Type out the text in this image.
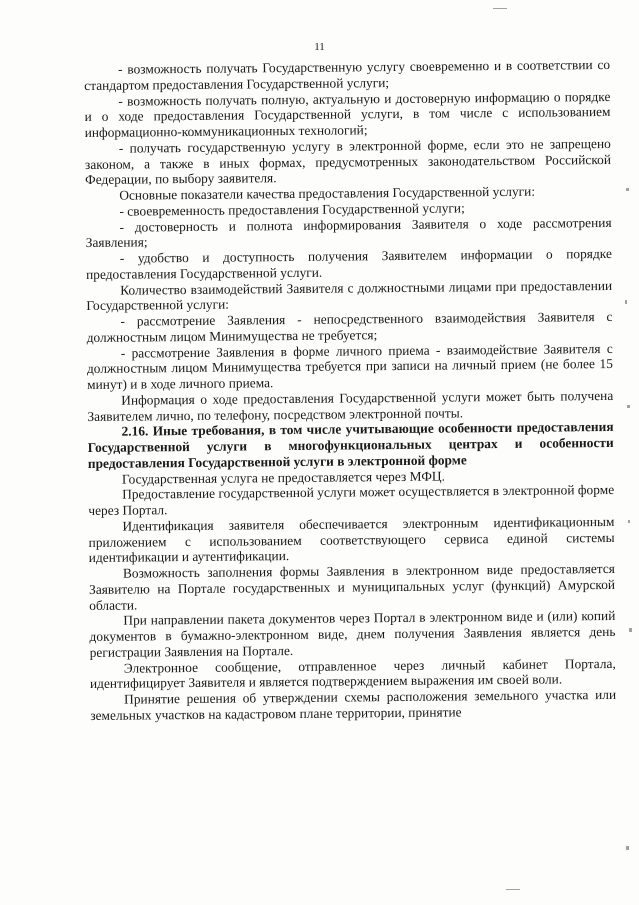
11

- возможность получать Государственную услугу своевременно и в соответствии со стандартом предоставления Государственной услуги;

- возможность получать полную, актуальную и достоверную информацию о порядке и о ходе предоставления Государственной услуги, в том числе с использованием информационно-коммуникационных технологий;

- получать государственную услугу в электронной форме, если это не запрещено законом, а также в иных формах, предусмотренных законодательством Российской Федерации, по выбору заявителя.

Основные показатели качества предоставления Государственной услуги:

- своевременность предоставления Государственной услуги;

- достоверность и полнота информирования Заявителя о ходе рассмотрения Заявления;

- удобство и доступность получения Заявителем информации о порядке предоставления Государственной услуги.

Количество взаимодействий Заявителя с должностными лицами при предоставлении Государственной услуги:

- рассмотрение Заявления - непосредственного взаимодействия Заявителя с должностным лицом Минимущества не требуется;

- рассмотрение Заявления в форме личного приема - взаимодействие Заявителя с должностным лицом Минимущества требуется при записи на личный прием (не более 15 минут) и в ходе личного приема.

Информация о ходе предоставления Государственной услуги может быть получена Заявителем лично, по телефону, посредством электронной почты.

2.16. Иные требования, в том числе учитывающие особенности предоставления Государственной услуги в многофункциональных центрах и особенности предоставления Государственной услуги в электронной форме

Государственная услуга не предоставляется через МФЦ.

Предоставление государственной услуги может осуществляется в электронной форме через Портал.

Идентификация заявителя обеспечивается электронным идентификационным приложением с использованием соответствующего сервиса единой системы идентификации и аутентификации.

Возможность заполнения формы Заявления в электронном виде предоставляется Заявителю на Портале государственных и муниципальных услуг (функций) Амурской области.

При направлении пакета документов через Портал в электронном виде и (или) копий документов в бумажно-электронном виде, днем получения Заявления является день регистрации Заявления на Портале.

Электронное сообщение, отправленное через личный кабинет Портала, идентифицирует Заявителя и является подтверждением выражения им своей воли.

Принятие решения об утверждении схемы расположения земельного участка или земельных участков на кадастровом плане территории, принятие
